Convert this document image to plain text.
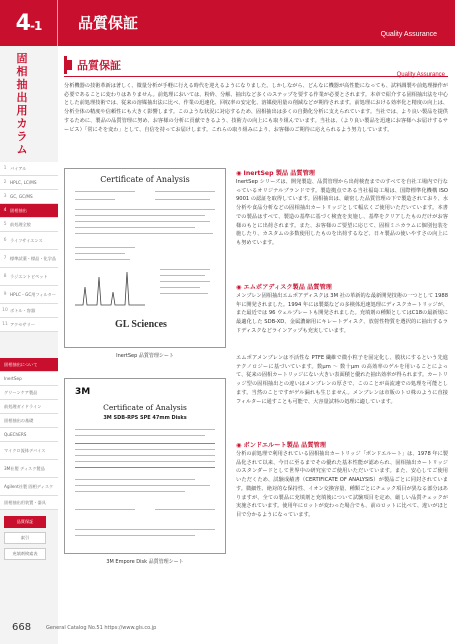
4-1 品質保証
Quality Assurance
固
相
抽
出
用
カ
ラ
ム
1 バイアル
2 HPLC, LC/MS
3 GC, GC/MS
4 固相抽出
5 前処理全般
6 ライフサイエンス
7 標準試薬・標品・化学品
8 ラジエントピペット
9 HPLC・GC用フィルター
10 ボトル・容器
11 アクセサリー
固相抽出について
InertSep
グリーンケア製品
前処理ガイドライン
固相抽出の基礎
QuEChERS
マイクロ流体デバイス
3M社製 ディスク製品
Agilent社製 固相ディスク
固相抽出用装置・器具
品質保証
索引
充填剤検索表
品質保証
Quality Assurance
分析機器の技術革新は著しく、微量分析が手軽に行える時代を迎えるようになりました。しかしながら、どんなに機器が高性能になっても、試料調製や前処理操作が必要であることに変わりはありません。前処理においては、粉砕、分解、抽出など多くのステップを要する作業が必要とされます。本章で紹介する固相抽出法を中心とした前処理技術では、従来の溶媒抽出法に比べ、作業の迅速化、回収率の安定化、溶媒使用量の削減などが期待されます。前処理における効率化と精度の向上は、分析全体の精度や信頼性にも大きく影響します。このような状況に対応するため、固相抽出は多くの自動化分析に支えられています。当社では、より良い製品を提供するために、製品の品質管理に努め、お客様の分析に貢献できるよう、技術力の向上にも取り組んでいます。当社は、（より良い製品を迅速にお客様へお届けするサービス）「常にそを変わ」として、自信を持ってお届けします。これらの取り組みにより、お客様のご期待に応えられるよう努力しています。
Certificate of Analysis
GL Sciences
InertSep 品質管理シート
3M
Certificate of Analysis
3M SDB-RPS SPE 47mm Disks
3M Empore Disk 品質管理シート
◉ InertSep 製品 品質管理
InertSep シリーズは、開発製造、品質管理から出荷検査までのすべてを自社工場内で行なっているオリジナルブランドです。製造拠点である当社福島工場は、国際標準化機構 ISO 9001 の認証を取得しています。固相抽出は、厳密した品質管理の下で製造されており、水分析や食品分析などの固相抽出カートリッジとして幅広くご使用いただいています。本書での製品はすべて、製造の基準に基づく検査を実施し、基準をクリアしたものだけがお客様のもとに出荷されます。また、お客様のご要望に応じて、固相ミニカラムに個別包装を施したり、カスタムの多数使用したものを出荷するなど、日々製品の使いやすさの向上にも努めています。
◉ エムポアディスク製品 品質管理
メンブレン固相抽出エムポアディスクは 3M 社の革新的な最新開発技術の一つとして 1988 年に開発されました。1994 年には製薬などの多検体迅速処理にディスクカートリッジが、また最近では 96 ウェルプレートも開発されました。充填剤の種類としてはC18の最新規に最適化した SDB-XD、金属濃縮用にキレートディスク、放射性物質を選択的に抽出するラドディスクなどラインアップも充実しています。
エムポアメンブレンは不活性な PTFE 繊維で微小粒子を固定化し、膜状にするという先進テクノロジーに基づいています。数μm ～ 数十μm の高効率のゲルを用いることによって、従来の固相カートリッジにない大きい表面積と優れた抽出効率が得られます。カートリッジ型の固相抽出との違いはメンブレンの厚さで、このことが高流速での処理を可能とします。当然のことですがゲル漏れも生じません。メンブレンは市販のトロ株のように直接フィルターに通すことも可能で、大容量試料の処理に適しています。
◉ ボンドエルート製品 品質管理
分析の前処理で利用されている固相抽出カートリッジ「ボンドエルート」は、1978 年に製品化されて以来、今日に至るまでその優れた基本性能が認められ、固相抽出カートリッジのスタンダードとして世界中の研究室でご使用いただいています。また、安心してご使用いただくため、試験成績書（CERTIFICATE OF ANALYSIS）が製品ごとに同封されています。微細性、絶対的な保持性、イオン交換容量、種類ごとにチェック項目が異なる部分はありますが、全ての製品に充填剤と充填後について試験項目を定め、厳しい品質チェックが実施されています。使用年にロットが変わった場合でも、前のロットに比べて、違いがほと目で分かるようになっています。
668	General Catalog No.51 https://www.gls.co.jp
